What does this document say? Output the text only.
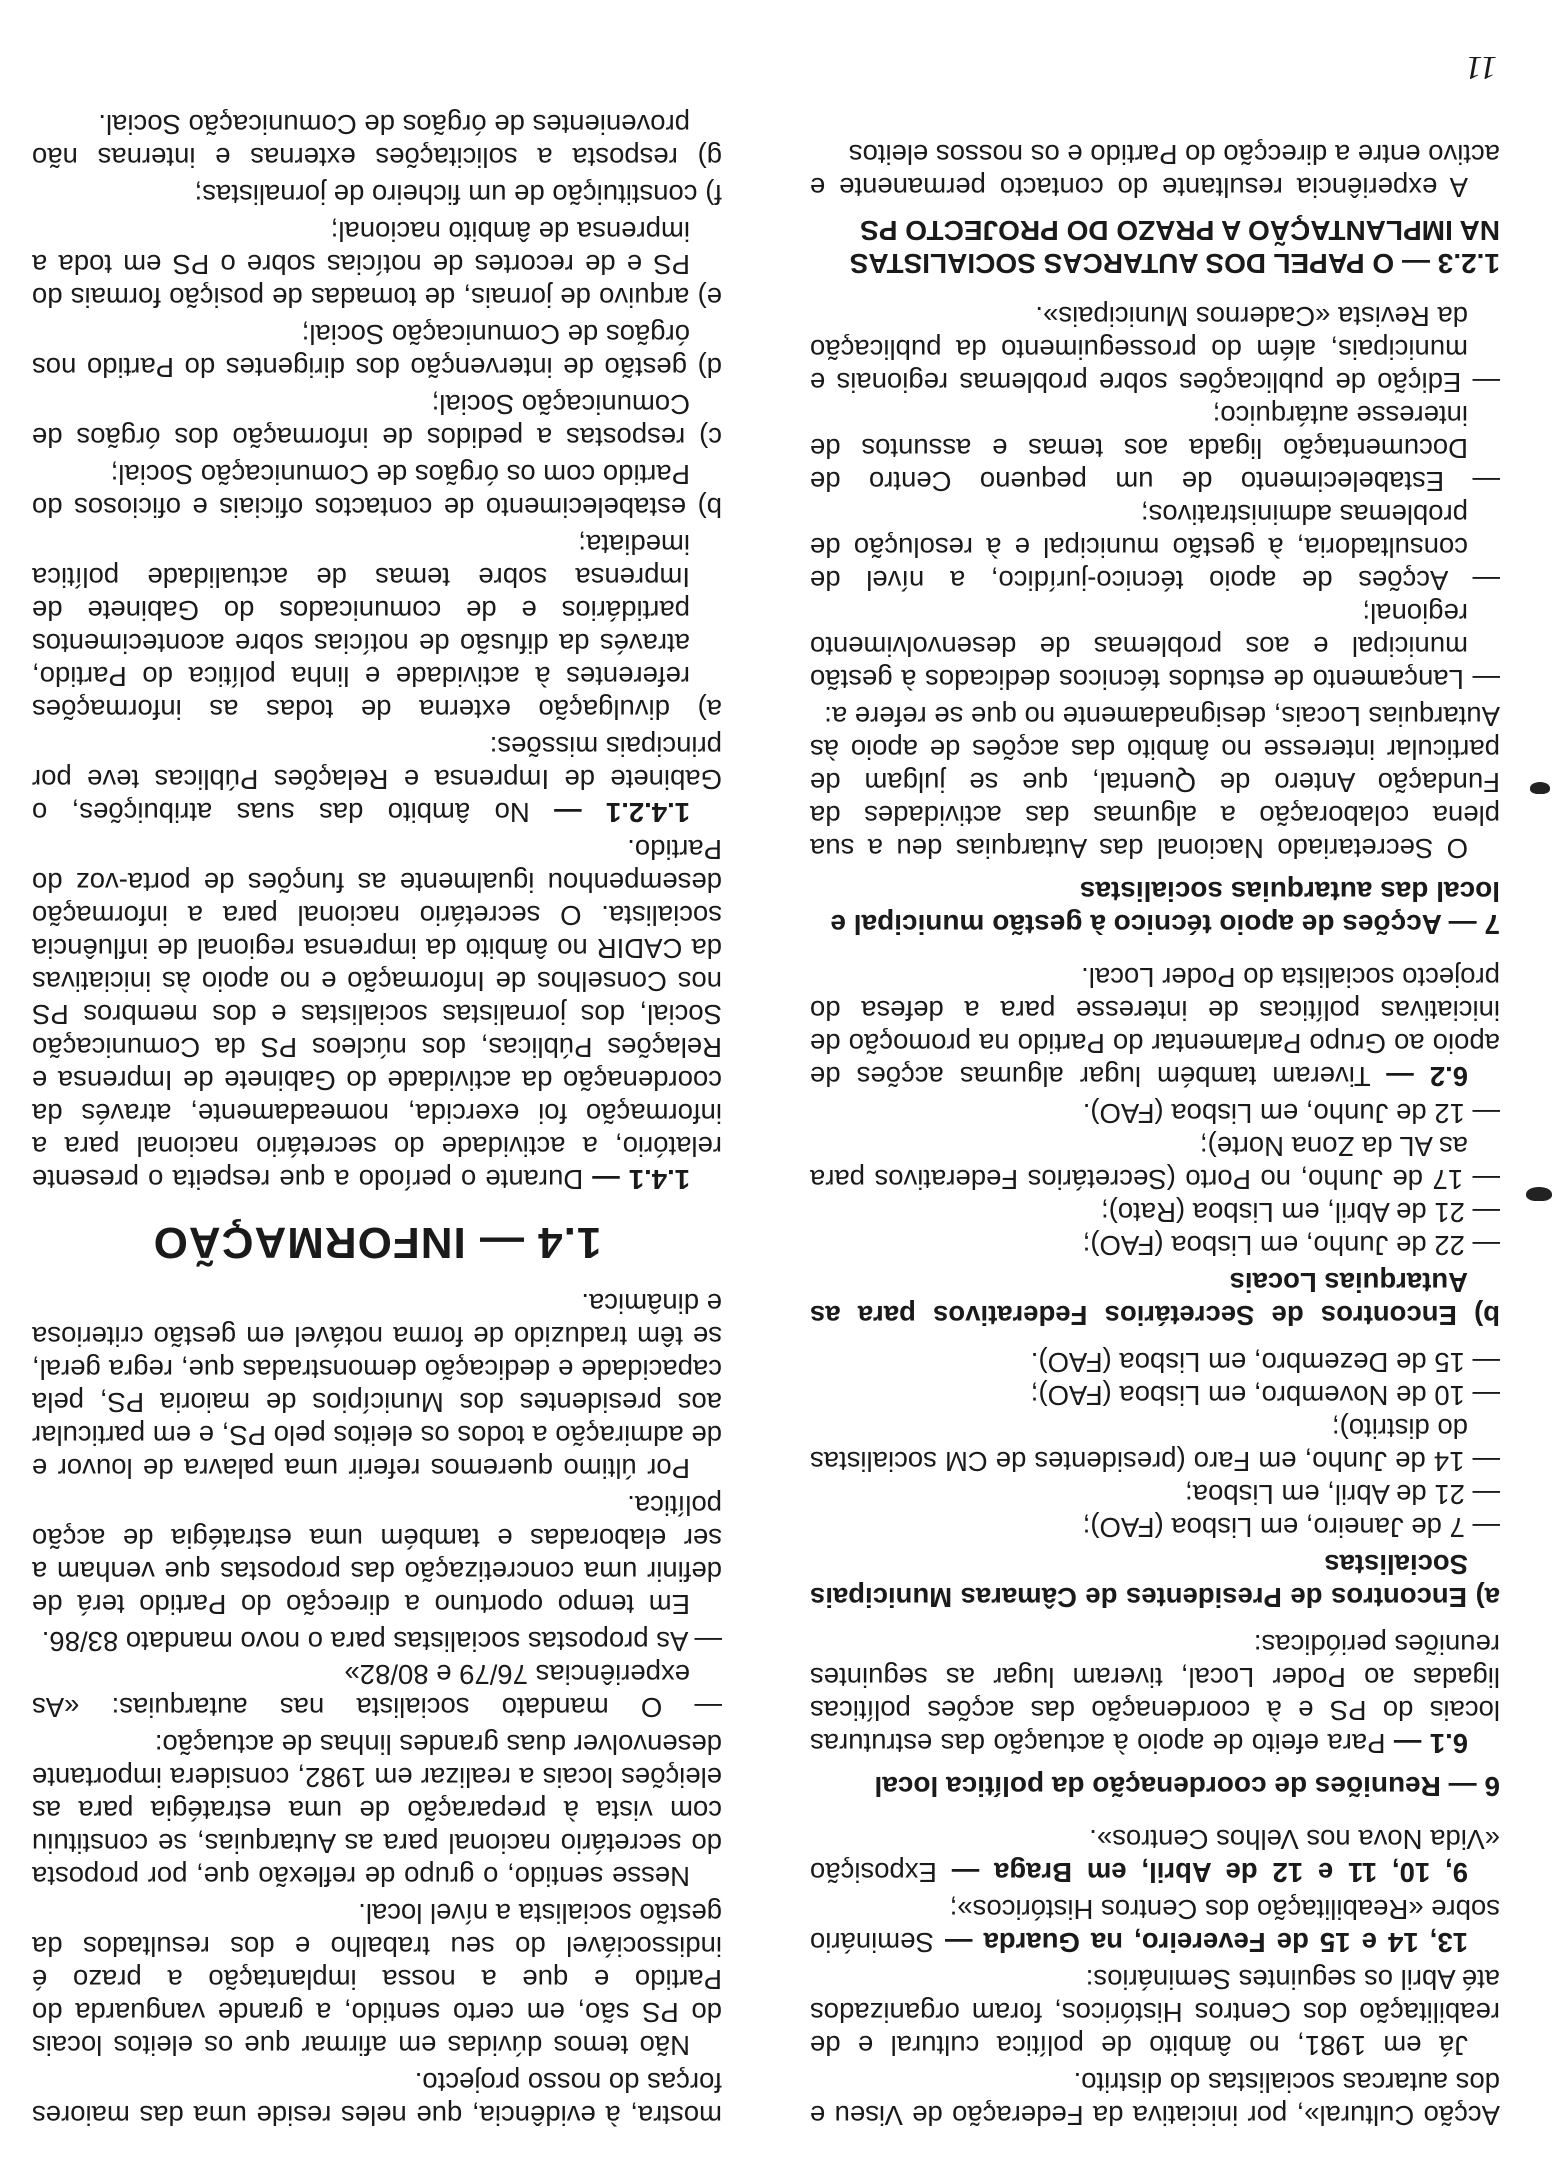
Acção Cultural», por iniciativa da Federação de Viseu e dos autarcas socialistas do distrito.

Já em 1981, no âmbito de política cultural e de reabilitação dos Centros Históricos, foram organizados até Abril os seguintes Seminários:

13, 14 e 15 de Fevereiro, na Guarda — Seminário sobre «Reabilitação dos Centros Históricos»;

9, 10, 11 e 12 de Abril, em Braga — Exposição «Vida Nova nos Velhos Centros».

6 — Reuniões de coordenação da política local

6.1 — Para efeito de apoio à actuação das estruturas locais do PS e à coordenação das acções políticas ligadas ao Poder Local, tiveram lugar as seguintes reuniões periódicas:

a) Encontros de Presidentes de Câmaras Municipais Socialistas
— 7 de Janeiro, em Lisboa (FAO);
— 21 de Abril, em Lisboa;
— 14 de Junho, em Faro (presidentes de CM socialistas do distrito);
— 10 de Novembro, em Lisboa (FAO);
— 15 de Dezembro, em Lisboa (FAO).
b) Encontros de Secretários Federativos para as Autarquias Locais
— 22 de Junho, em Lisboa (FAO);
— 21 de Abril, em Lisboa (Rato);
— 17 de Junho, no Porto (Secretários Federativos para as AL da Zona Norte);
— 12 de Junho, em Lisboa (FAO).

6.2 — Tiveram também lugar algumas acções de apoio ao Grupo Parlamentar do Partido na promoção de iniciativas políticas de interesse para a defesa do projecto socialista do Poder Local.

7 — Acções de apoio técnico à gestão municipal e local das autarquias socialistas

O Secretariado Nacional das Autarquias deu a sua plena colaboração a algumas das actividades da Fundação Antero de Quental, que se julgam de particular interesse no âmbito das acções de apoio às Autarquias Locais, designadamente no que se refere a:

— Lançamento de estudos técnicos dedicados à gestão municipal e aos problemas de desenvolvimento regional;
— Acções de apoio técnico-jurídico, a nível de consultadoria, à gestão municipal e à resolução de problemas administrativos;
— Estabelecimento de um pequeno Centro de Documentação ligada aos temas e assuntos de interesse autárquico;
— Edição de publicações sobre problemas regionais e municipais, além do prosseguimento da publicação da Revista «Cadernos Municipais».
1.2.3 — O PAPEL DOS AUTARCAS SOCIALISTAS NA IMPLANTAÇÃO A PRAZO DO PROJECTO PS

A experiência resultante do contacto permanente e activo entre a direcção do Partido e os nossos eleitos

mostra, à evidência, que neles reside uma das maiores forças do nosso projecto.

Não temos dúvidas em afirmar que os eleitos locais do PS são, em certo sentido, a grande vanguarda do Partido e que a nossa implantação a prazo é indissociável do seu trabalho e dos resultados da gestão socialista a nível local.

Nesse sentido, o grupo de reflexão que, por proposta do secretário nacional para as Autarquias, se constituiu com vista à preparação de uma estratégia para as eleições locais a realizar em 1982, considera importante desenvolver duas grandes linhas de actuação:

— O mandato socialista nas autarquias: «As experiências 76/79 e 80/82»
— As propostas socialistas para o novo mandato 83/86.

Em tempo oportuno a direcção do Partido terá de definir uma concretização das propostas que venham a ser elaboradas e também uma estratégia de acção política.

Por último queremos referir uma palavra de louvor e de admiração a todos os eleitos pelo PS, e em particular aos presidentes dos Municípios de maioria PS, pela capacidade e dedicação demonstradas que, regra geral, se têm traduzido de forma notável em gestão criteriosa e dinâmica.

1.4 — INFORMAÇÃO

1.4.1 — Durante o período a que respeita o presente relatório, a actividade do secretário nacional para a informação foi exercida, nomeadamente, através da coordenação da actividade do Gabinete de Imprensa e Relações Públicas, dos núcleos PS da Comunicação Social, dos jornalistas socialistas e dos membros PS nos Conselhos de Informação e no apoio às iniciativas da CADIR no âmbito da imprensa regional de influência socialista. O secretário nacional para a informação desempenhou igualmente as funções de porta-voz do Partido.

1.4.2.1 — No âmbito das suas atribuições, o Gabinete de Imprensa e Relações Públicas teve por principais missões:

a) divulgação externa de todas as informações referentes à actividade e linha política do Partido, através da difusão de notícias sobre acontecimentos partidários e de comunicados do Gabinete de Imprensa sobre temas de actualidade política imediata;

b) estabelecimento de contactos oficiais e oficiosos do Partido com os órgãos de Comunicação Social;

c) respostas a pedidos de informação dos órgãos de Comunicação Social;

d) gestão de intervenção dos dirigentes do Partido nos órgãos de Comunicação Social;

e) arquivo de jornais, de tomadas de posição formais do PS e de recortes de notícias sobre o PS em toda a imprensa de âmbito nacional;

f) constituição de um ficheiro de jornalistas;

g) resposta a solicitações externas e internas não provenientes de órgãos de Comunicação Social.

11
